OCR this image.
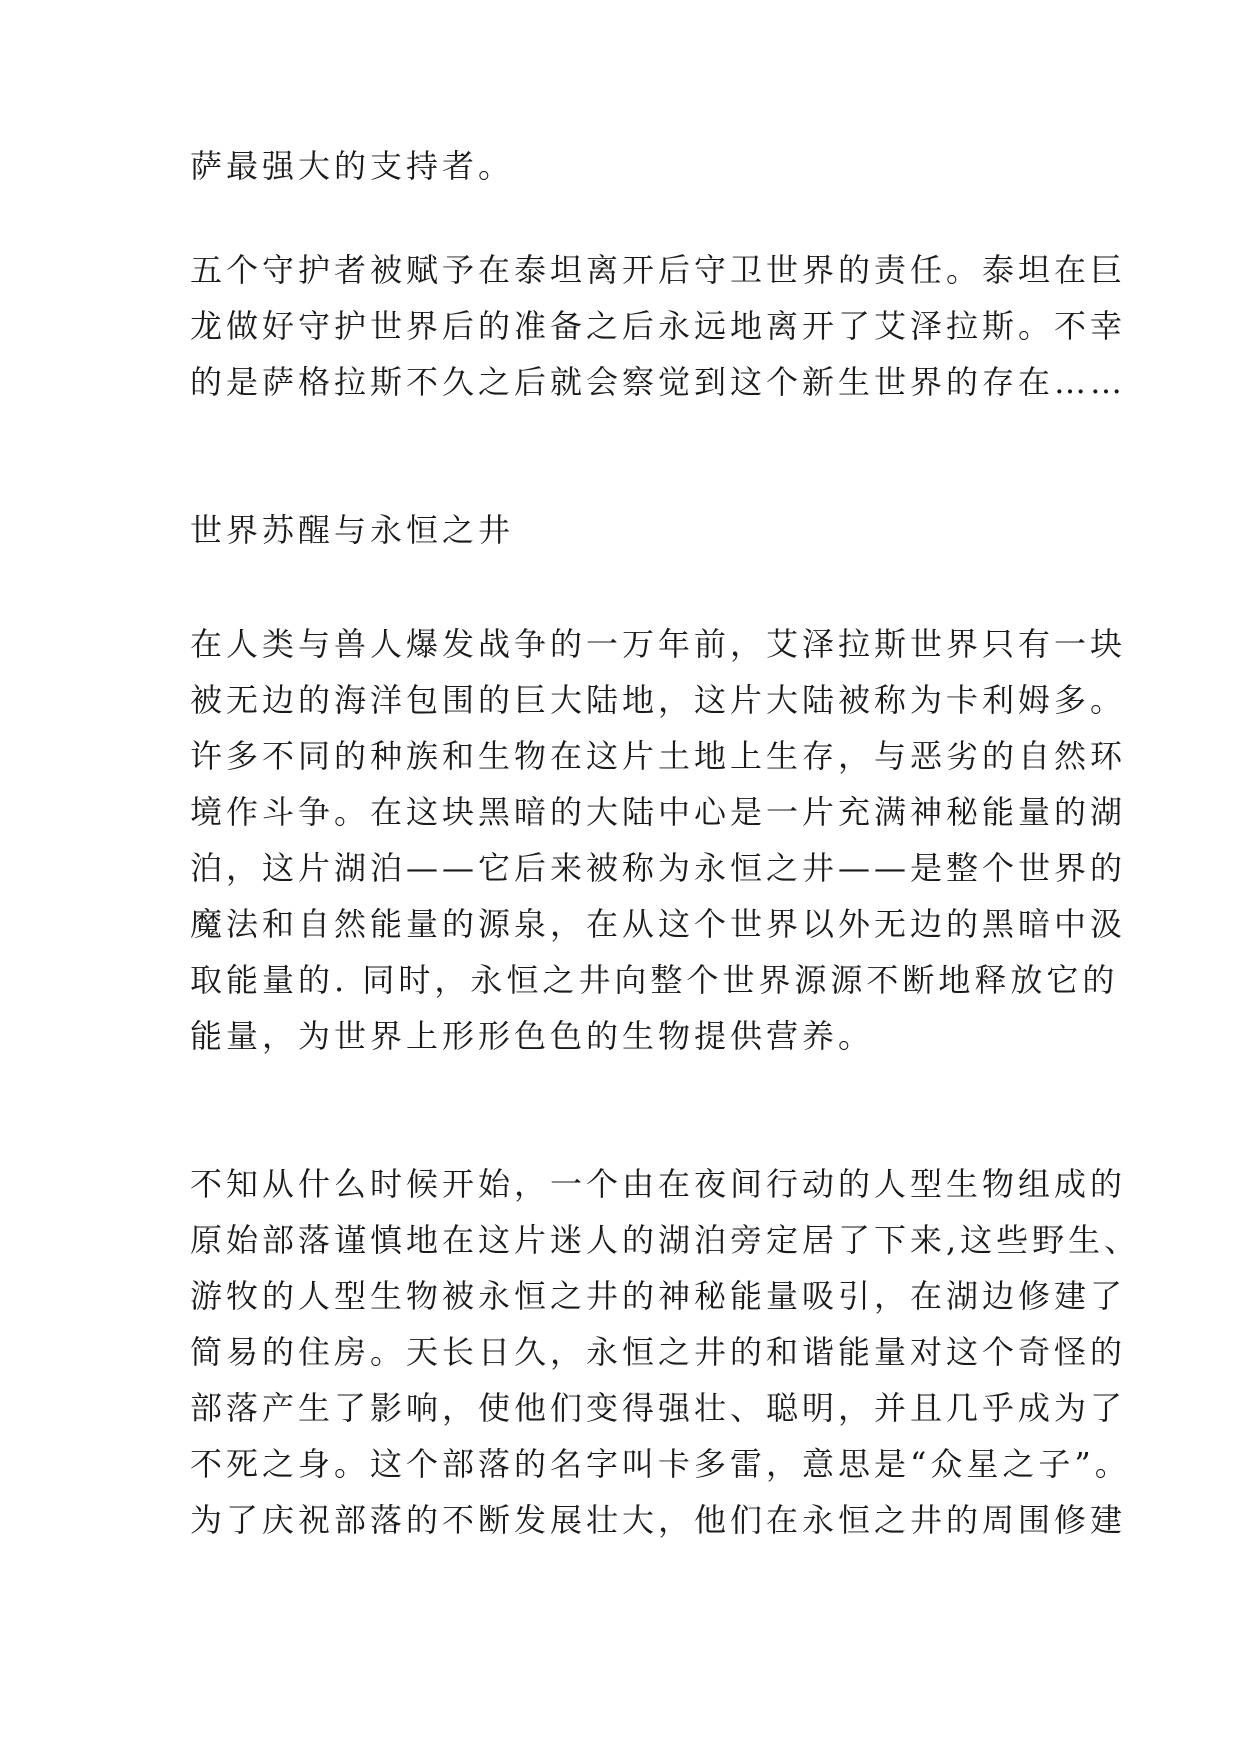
萨最强大的支持者。
五个守护者被赋予在泰坦离开后守卫世界的责任。泰坦在巨
龙做好守护世界后的准备之后永远地离开了艾泽拉斯。不幸
的是萨格拉斯不久之后就会察觉到这个新生世界的存在……
世界苏醒与永恒之井
在人类与兽人爆发战争的一万年前，艾泽拉斯世界只有一块
被无边的海洋包围的巨大陆地，这片大陆被称为卡利姆多。
许多不同的种族和生物在这片土地上生存，与恶劣的自然环
境作斗争。在这块黑暗的大陆中心是一片充满神秘能量的湖
泊，这片湖泊——它后来被称为永恒之井——是整个世界的
魔法和自然能量的源泉，在从这个世界以外无边的黑暗中汲
取能量的. 同时，永恒之井向整个世界源源不断地释放它的
能量，为世界上形形色色的生物提供营养。
不知从什么时候开始，一个由在夜间行动的人型生物组成的
原始部落谨慎地在这片迷人的湖泊旁定居了下来,这些野生、
游牧的人型生物被永恒之井的神秘能量吸引，在湖边修建了
简易的住房。天长日久，永恒之井的和谐能量对这个奇怪的
部落产生了影响，使他们变得强壮、聪明，并且几乎成为了
不死之身。这个部落的名字叫卡多雷，意思是“众星之子”。
为了庆祝部落的不断发展壮大，他们在永恒之井的周围修建
